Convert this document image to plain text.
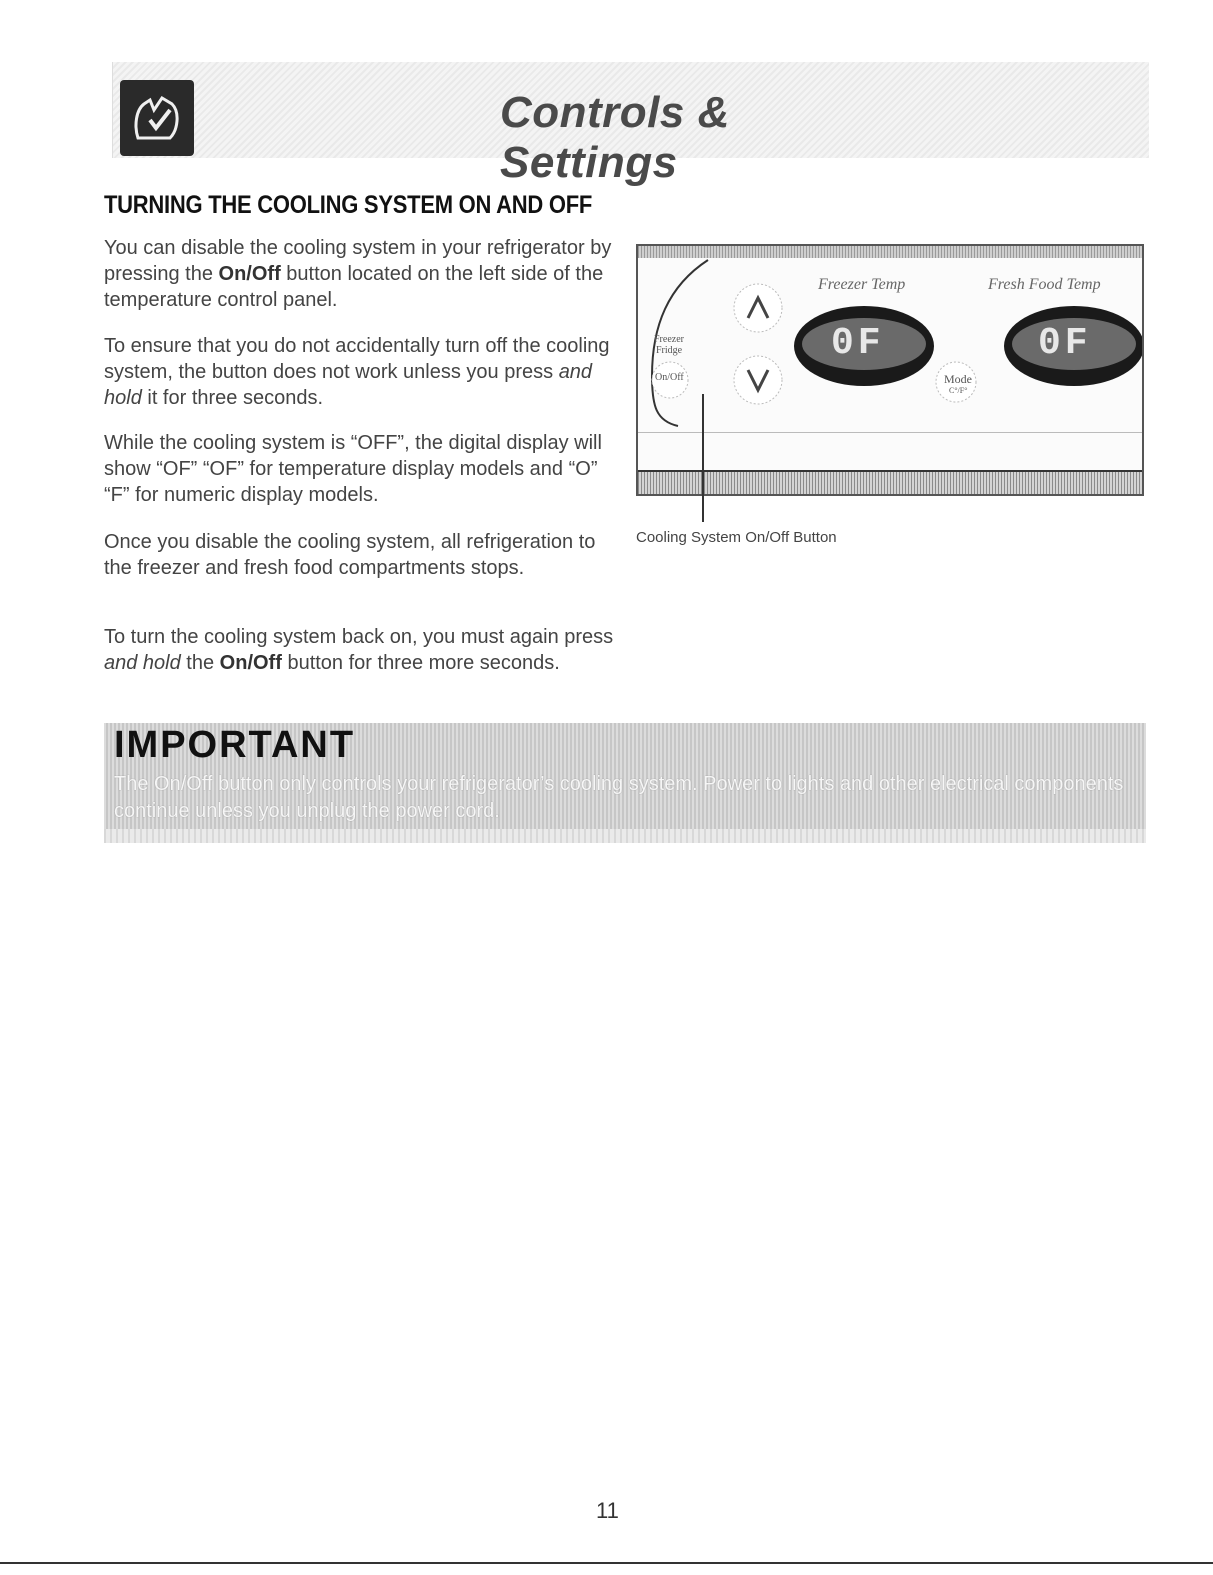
Controls & Settings
TURNING THE COOLING SYSTEM ON AND OFF

You can disable the cooling system in your refrigerator by pressing the On/Off button located on the left side of the temperature control panel.

To ensure that you do not accidentally turn off the cooling system, the button does not work unless you press and hold it for three seconds.

While the cooling system is “OFF”, the digital display will show “OF” “OF” for temperature display models and “O” “F” for numeric display models.

Once you disable the cooling system, all refrigeration to the freezer and fresh food compartments stops.

To turn the cooling system back on, you must again press and hold the On/Off button for three more seconds.

Freezer Temp	Fresh Food Temp
Freezer
Fridge
On/Off	Mode
C°/F°
0F	0F
Cooling System On/Off Button
IMPORTANT

The On/Off button only controls your refrigerator’s cooling system. Power to lights and other electrical components continue unless you unplug the power cord.

11
